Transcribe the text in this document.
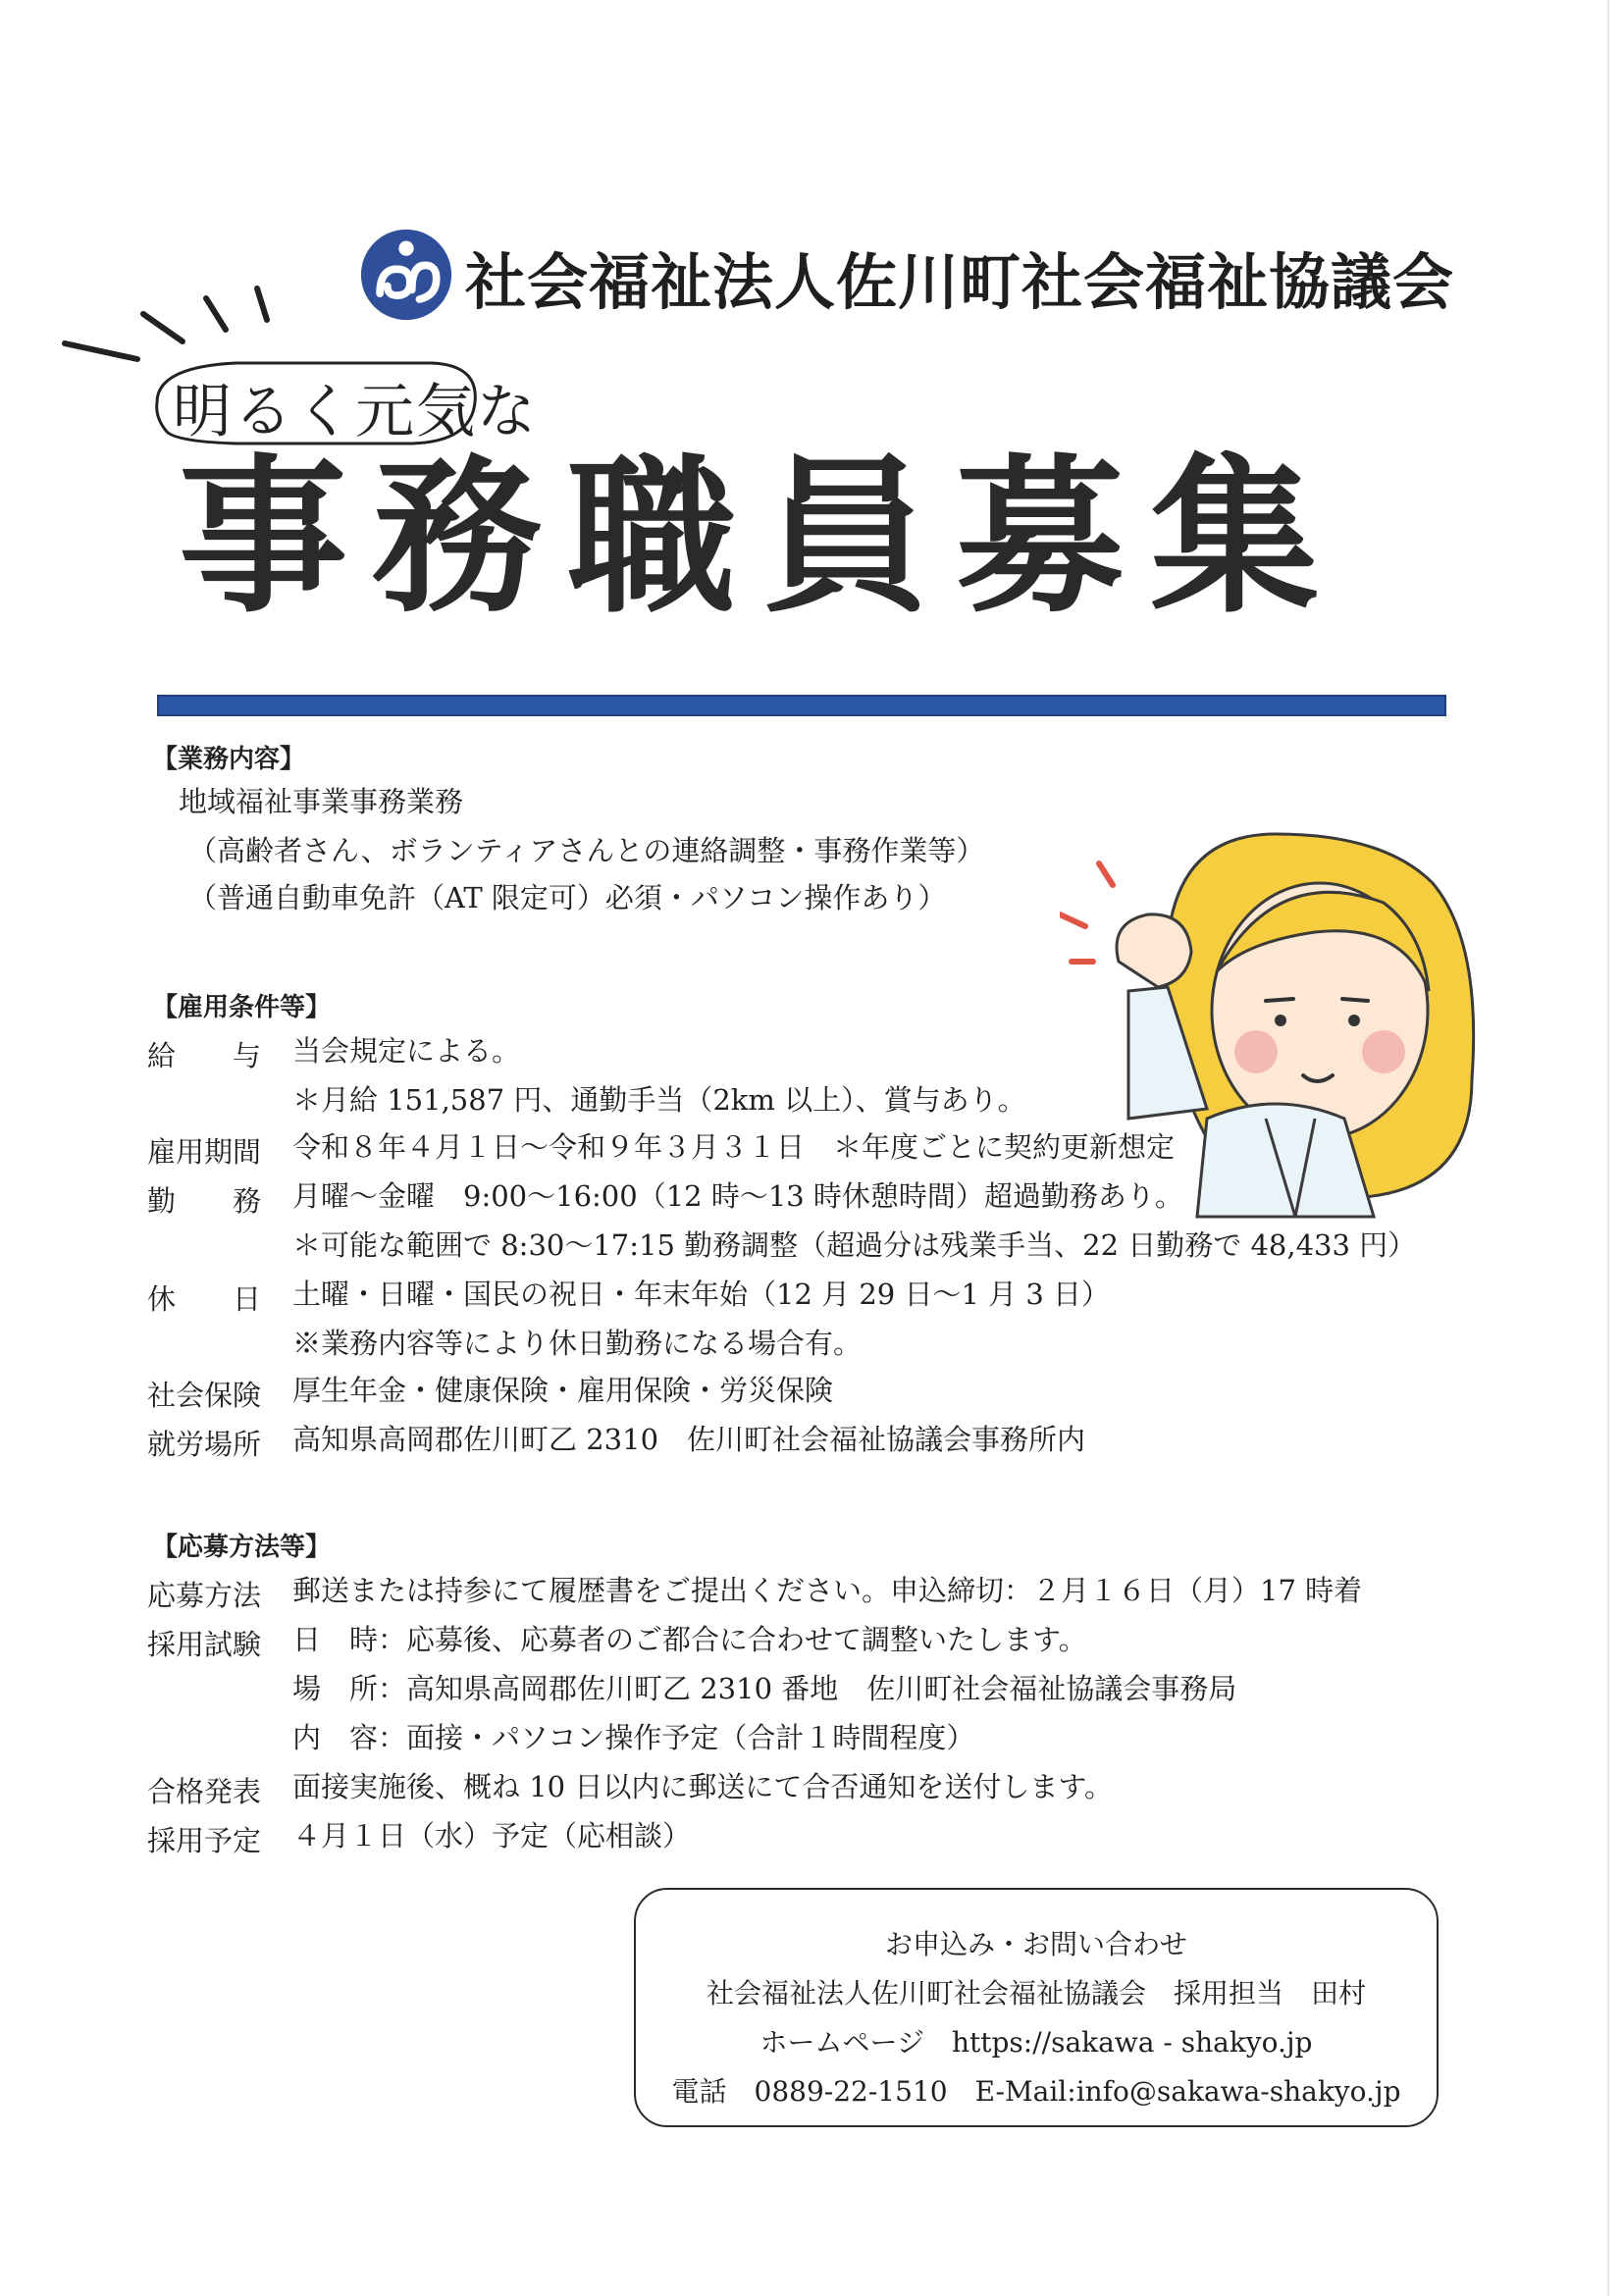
社会福祉法人佐川町社会福祉協議会
明るく元気な
事務職員募集
【業務内容】
地域福祉事業事務業務
（高齢者さん、ボランティアさんとの連絡調整・事務作業等）
（普通自動車免許（AT 限定可）必須・パソコン操作あり）
【雇用条件等】
給　　与 当会規定による。
＊月給 151,587 円、通勤手当（2km 以上）、賞与あり。
雇用期間 令和８年４月１日～令和９年３月３１日　＊年度ごとに契約更新想定
勤　　務 月曜～金曜　9:00～16:00（12 時～13 時休憩時間）超過勤務あり。
＊可能な範囲で 8:30～17:15 勤務調整（超過分は残業手当、22 日勤務で 48,433 円）
休　　日 土曜・日曜・国民の祝日・年末年始（12 月 29 日～1 月 3 日）
※業務内容等により休日勤務になる場合有。
社会保険 厚生年金・健康保険・雇用保険・労災保険
就労場所 高知県高岡郡佐川町乙 2310　佐川町社会福祉協議会事務所内
【応募方法等】
応募方法 郵送または持参にて履歴書をご提出ください。申込締切：２月１６日（月）17 時着
採用試験 日　時：応募後、応募者のご都合に合わせて調整いたします。
場　所：高知県高岡郡佐川町乙 2310 番地　佐川町社会福祉協議会事務局
内　容：面接・パソコン操作予定（合計１時間程度）
合格発表 面接実施後、概ね 10 日以内に郵送にて合否通知を送付します。
採用予定 ４月１日（水）予定（応相談）
お申込み・お問い合わせ
社会福祉法人佐川町社会福祉協議会　採用担当　田村
ホームページ　https://sakawa - shakyo.jp
電話　0889-22-1510　E-Mail:info@sakawa-shakyo.jp
